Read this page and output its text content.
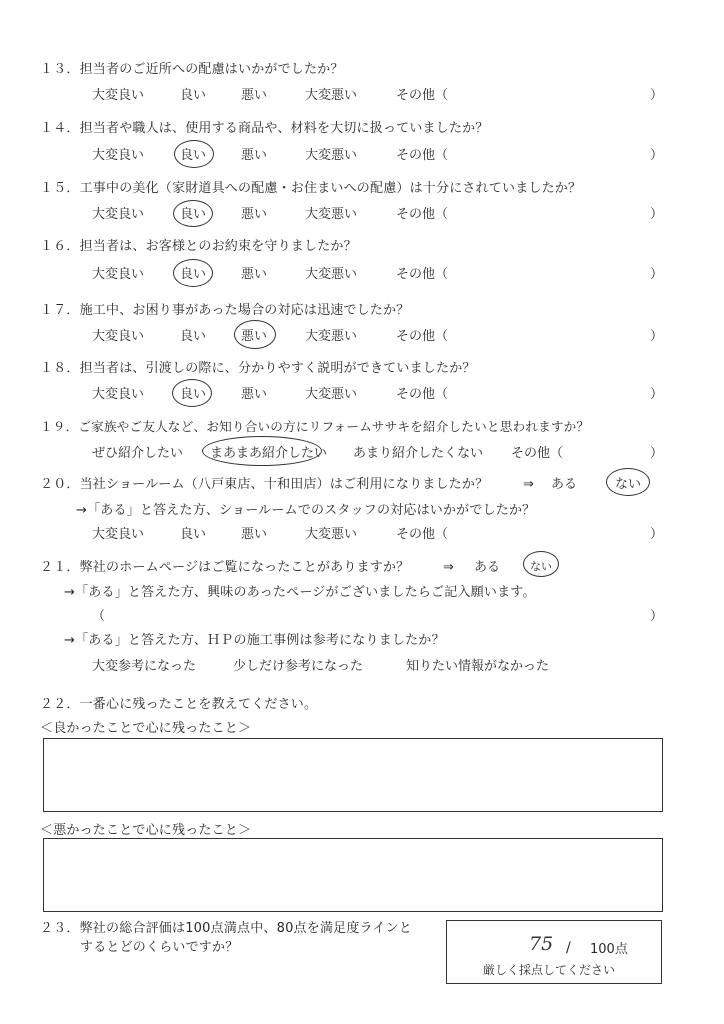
１３．担当者のご近所への配慮はいかがでしたか？
大変良い	良い	悪い	大変悪い	その他（	）
１４．担当者や職人は、使用する商品や、材料を大切に扱っていましたか？
大変良い	良い	悪い	大変悪い	その他（	）
１５．工事中の美化（家財道具への配慮・お住まいへの配慮）は十分にされていましたか？
大変良い	良い	悪い	大変悪い	その他（	）
１６．担当者は、お客様とのお約束を守りましたか？
大変良い	良い	悪い	大変悪い	その他（	）
１７．施工中、お困り事があった場合の対応は迅速でしたか？
大変良い	良い	悪い	大変悪い	その他（	）
１８．担当者は、引渡しの際に、分かりやすく説明ができていましたか？
大変良い	良い	悪い	大変悪い	その他（	）
１９．ご家族やご友人など、お知り合いの方にリフォームササキを紹介したいと思われますか？
ぜひ紹介したい まあまあ紹介したい あまり紹介したくない その他（	）
２０．当社ショールーム（八戸東店、十和田店）はご利用になりましたか？	⇒ ある	ない
→「ある」と答えた方、ショールームでのスタッフの対応はいかがでしたか？
大変良い	良い	悪い	大変悪い	その他（	）
２１．弊社のホームページはご覧になったことがありますか？	⇒ ある	ない
→「ある」と答えた方、興味のあったページがございましたらご記入願います。
（	）
→「ある」と答えた方、ＨＰの施工事例は参考になりましたか？
大変参考になった	少しだけ参考になった	知りたい情報がなかった
２２．一番心に残ったことを教えてください。
＜良かったことで心に残ったこと＞
＜悪かったことで心に残ったこと＞
２３．弊社の総合評価は100点満点中、80点を満足度ラインと
するとどのくらいですか？	75 / 100点
厳しく採点してください
